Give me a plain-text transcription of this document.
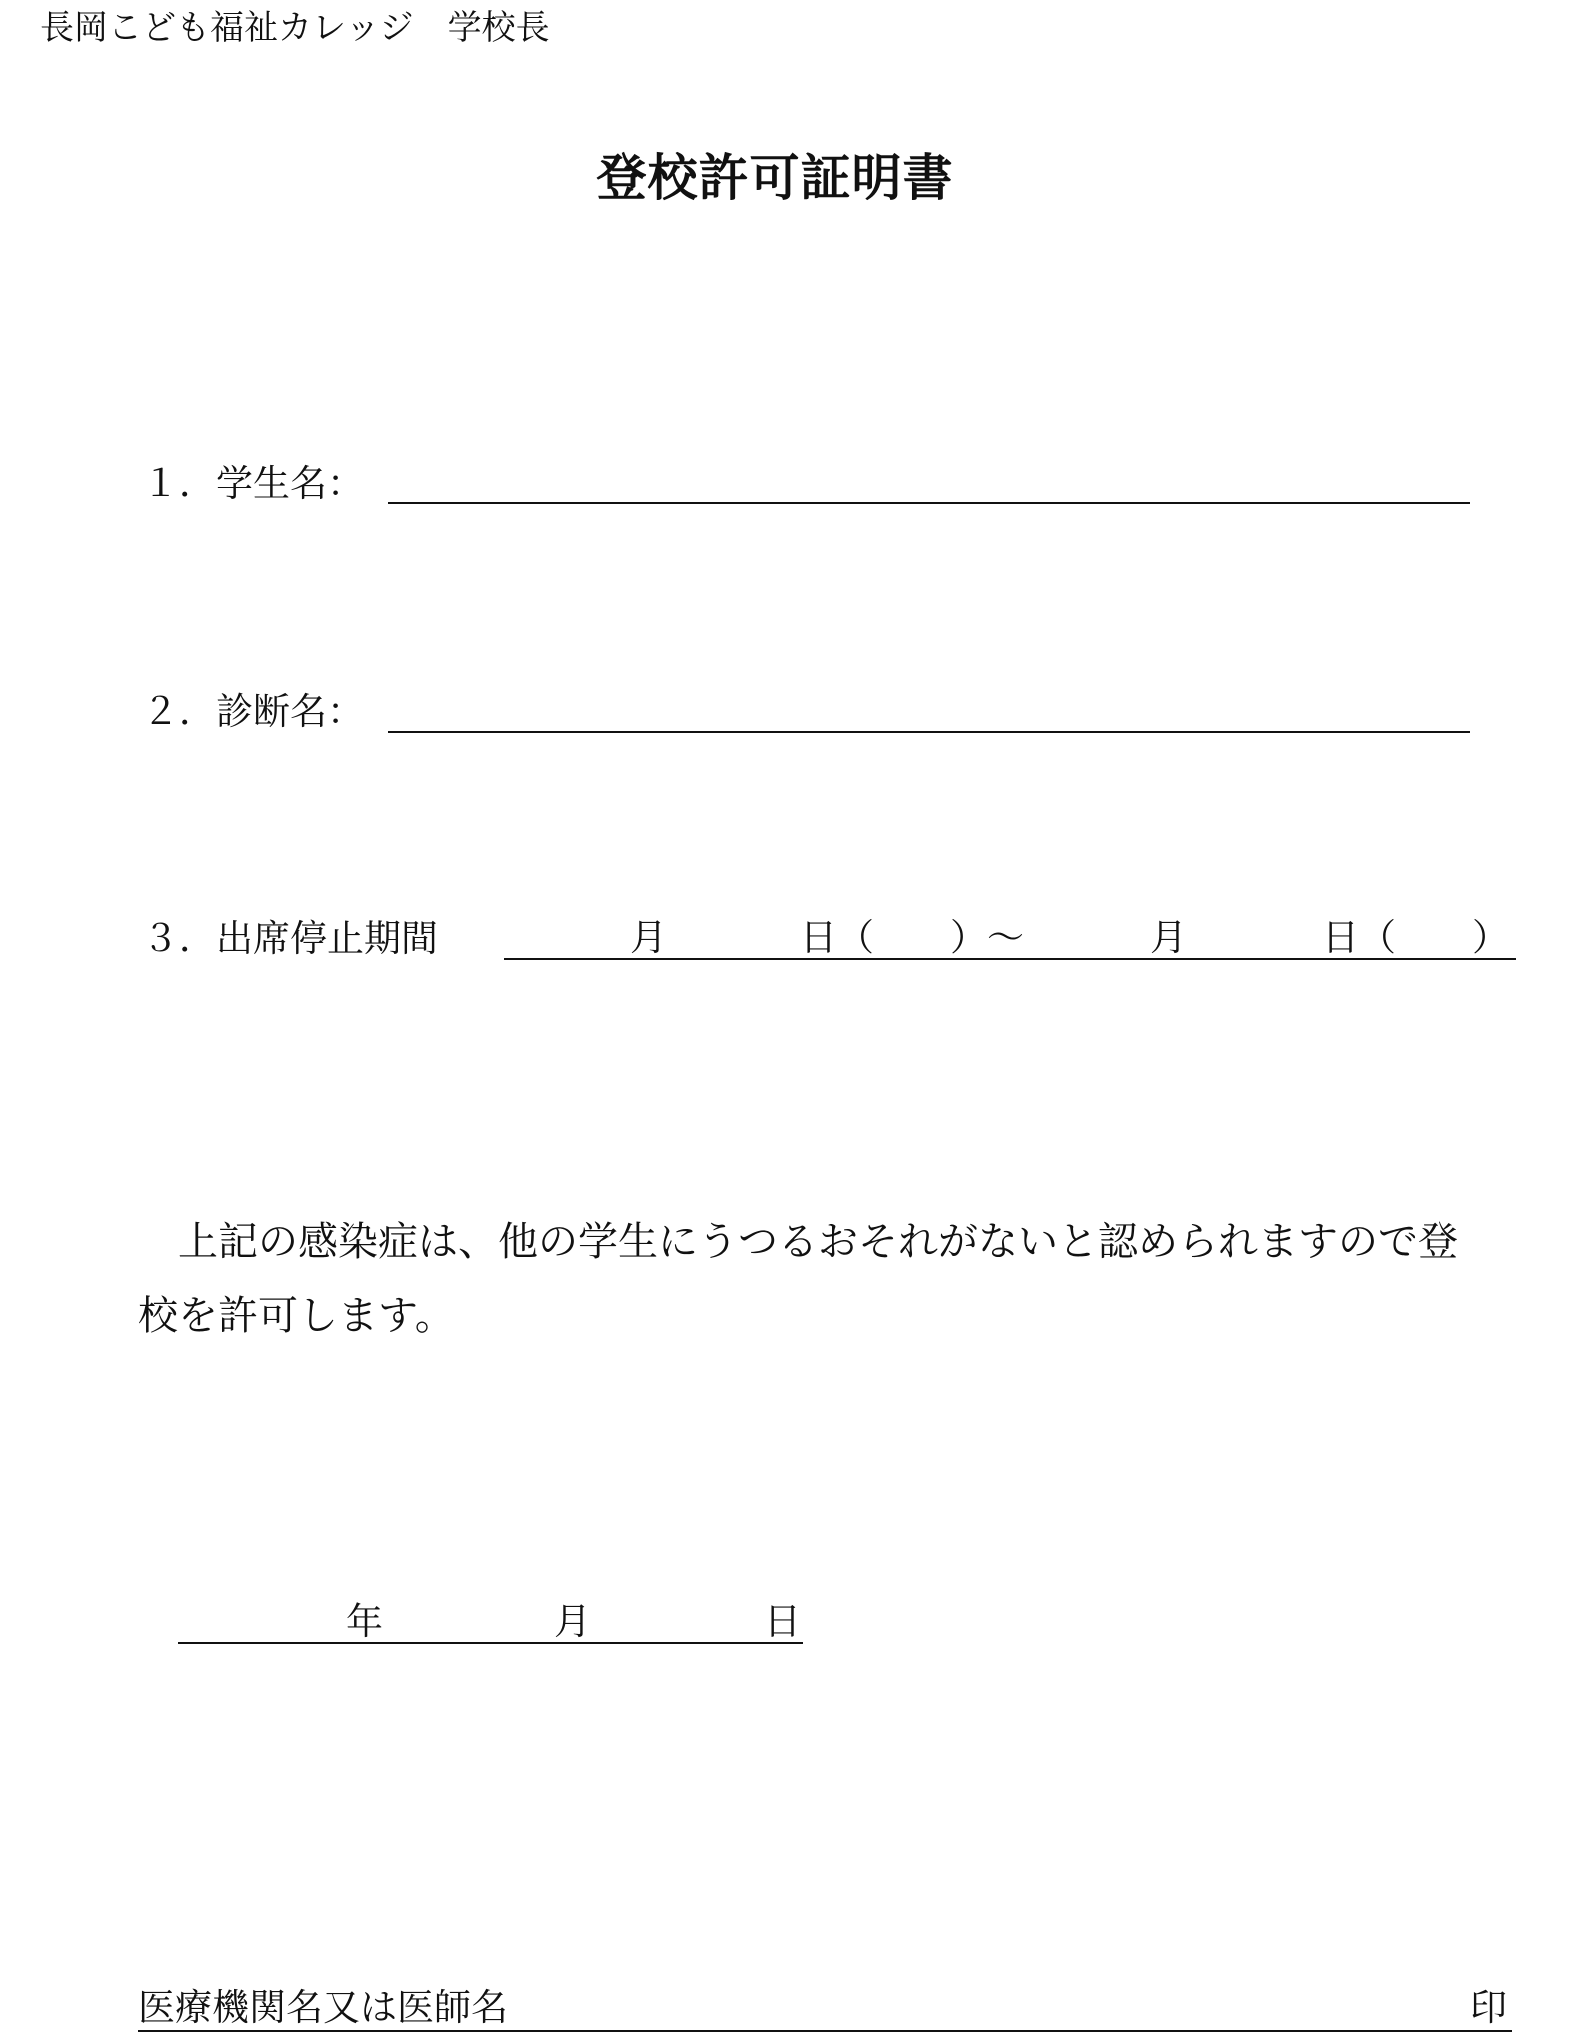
長岡こども福祉カレッジ　学校長
登校許可証明書
１．学生名：
２．診断名：
３．出席停止期間	月	日（ ）～	月	日（ ）
上記の感染症は、他の学生にうつるおそれがないと認められますので登
校を許可します。
年	月	日
医療機関名又は医師名	印
